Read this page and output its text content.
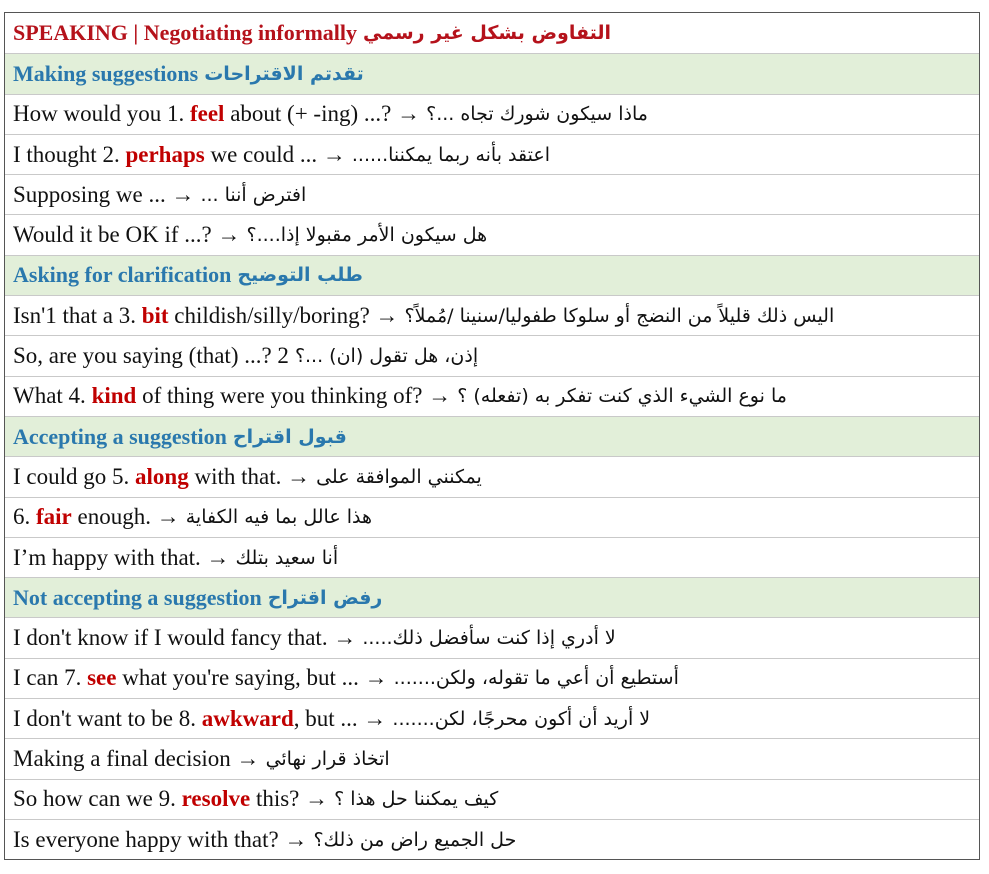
SPEAKING | Negotiating informally التفاوض بشكل غير رسمي
Making suggestions تقدتم الاقتراحات
How would you 1.
feel
about (+ -ing) ...? → ماذا سيكون شورك تجاه ...؟
I thought 2.
perhaps
we could ... → اعتقد بأنه ربما يمكننا......
Supposing we ... → افترض أننا ...
Would it be OK if ...? → هل سيكون الأمر مقبولا إذا....؟
Asking for clarification طلب التوضيح
Isn'1 that a 3.
bit
childish/silly/boring? → اليس ذلك قليلاً من النضج أو سلوكا طفوليا/سنينا /مُملاً؟
So, are you saying (that) ...? 2 إذن، هل تقول (ان) ...؟
What 4.
kind
of thing were you thinking of? → ما نوع الشيء الذي كنت تفكر به (تفعله) ؟
Accepting a suggestion قبول اقتراح
I could go 5.
along
with that. → يمكنني الموافقة على
6.
fair
enough. → هذا عالل بما فيه الكفاية
I’m happy with that. → أنا سعيد بتلك
Not accepting a suggestion رفض اقتراح
I don't know if I would fancy that. → لا أدري إذا كنت سأفضل ذلك.....
I can 7.
see
what you're saying, but ... → أستطيع أن أعي ما تقوله، ولكن.......
I don't want to be 8.
awkward , but ... → لا أريد أن أكون محرجًا، لكن.......
Making a final decision → اتخاذ قرار نهائي
So how can we 9.
resolve
this? → كيف يمكننا حل هذا ؟
Is everyone happy with that? → حل الجميع راض من ذلك؟
